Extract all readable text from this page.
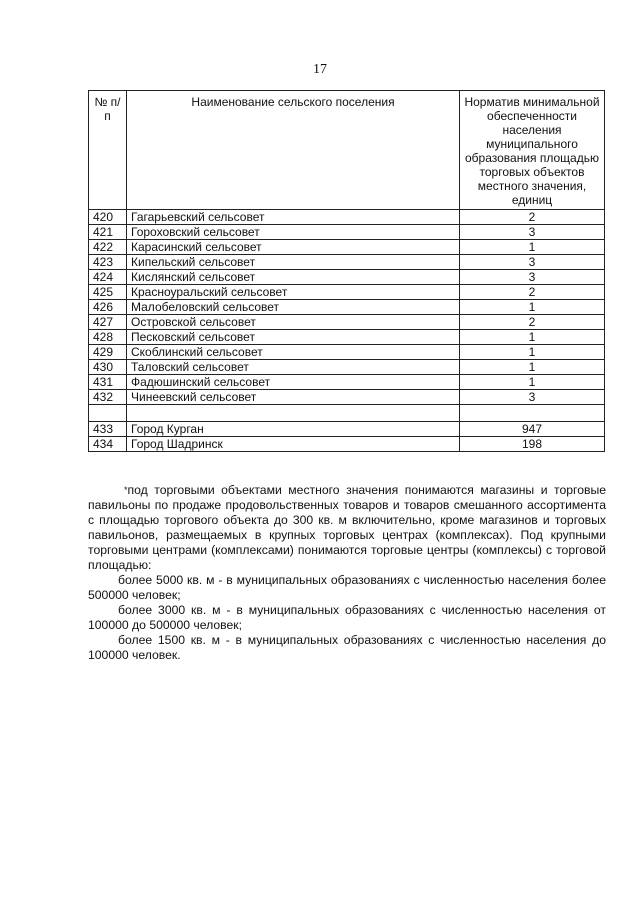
17
№ п/п	Наименование сельского поселения	Норматив минимальной обеспеченности населения муниципального образования площадью торговых объектов местного значения, единиц
420	Гагарьевский сельсовет	2
421	Гороховский сельсовет	3
422	Карасинский сельсовет	1
423	Кипельский сельсовет	3
424	Кислянский сельсовет	3
425	Красноуральский сельсовет	2
426	Малобеловский сельсовет	1
427	Островской сельсовет	2
428	Песковский сельсовет	1
429	Скоблинский сельсовет	1
430	Таловский сельсовет	1
431	Фадюшинский сельсовет	1
432	Чинеевский сельсовет	3

433	Город Курган	947
434	Город Шадринск	198

*под торговыми объектами местного значения понимаются магазины и торговые павильоны по продаже продовольственных товаров и товаров смешанного ассортимента с площадью торгового объекта до 300 кв. м включительно, кроме магазинов и торговых павильонов, размещаемых в крупных торговых центрах (комплексах). Под крупными торговыми центрами (комплексами) понимаются торговые центры (комплексы) с торговой площадью:

более 5000 кв. м - в муниципальных образованиях с численностью населения более 500000 человек;

более 3000 кв. м - в муниципальных образованиях с численностью населения от 100000 до 500000 человек;

более 1500 кв. м - в муниципальных образованиях с численностью населения до 100000 человек.
